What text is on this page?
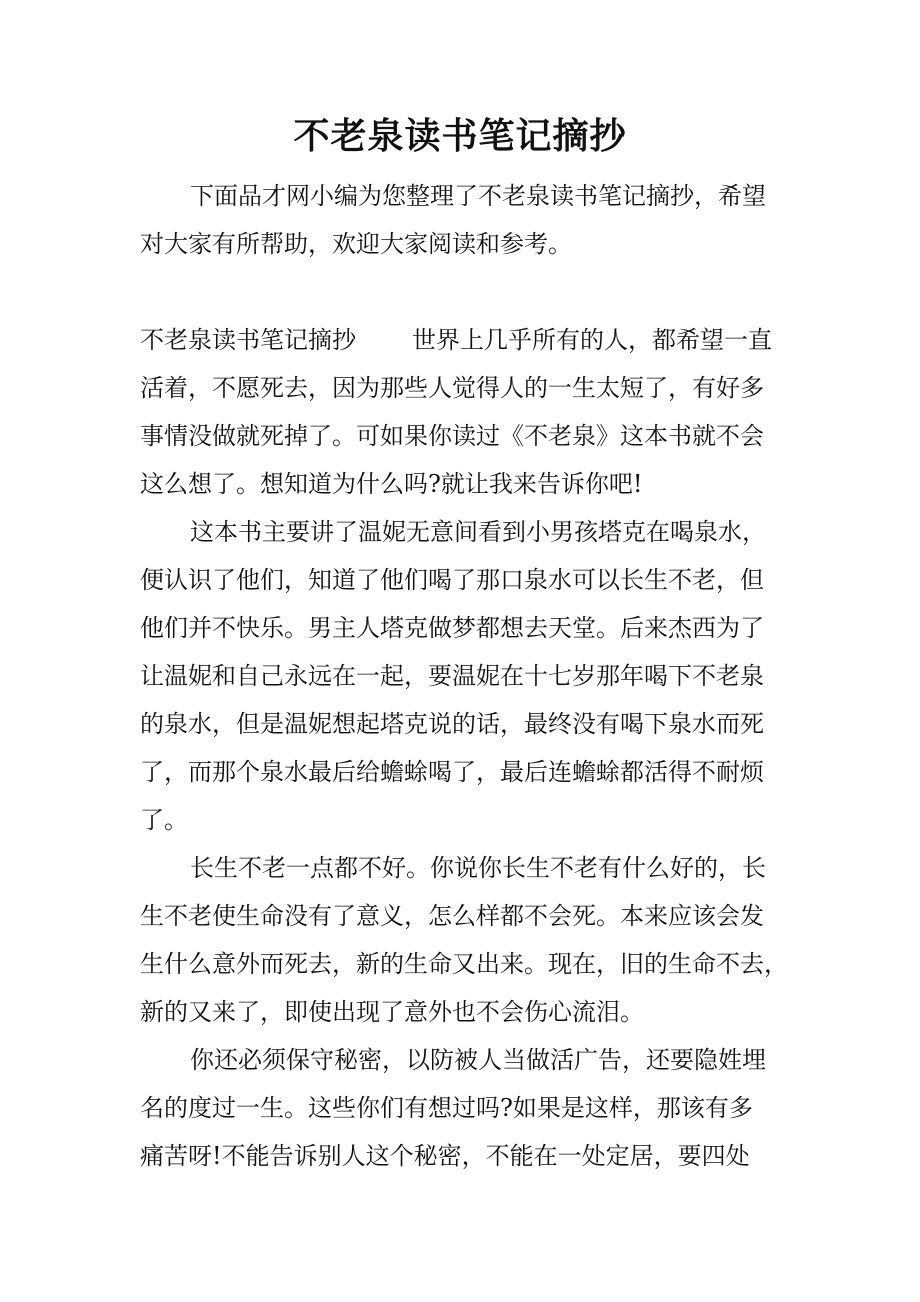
不老泉读书笔记摘抄
下面品才网小编为您整理了不老泉读书笔记摘抄，希望
对大家有所帮助，欢迎大家阅读和参考。
不老泉读书笔记摘抄 世界上几乎所有的人，都希望一直
活着，不愿死去，因为那些人觉得人的一生太短了，有好多
事情没做就死掉了。可如果你读过《不老泉》这本书就不会
这么想了。想知道为什么吗?就让我来告诉你吧!
这本书主要讲了温妮无意间看到小男孩塔克在喝泉水，
便认识了他们，知道了他们喝了那口泉水可以长生不老，但
他们并不快乐。男主人塔克做梦都想去天堂。后来杰西为了
让温妮和自己永远在一起，要温妮在十七岁那年喝下不老泉
的泉水，但是温妮想起塔克说的话，最终没有喝下泉水而死
了，而那个泉水最后给蟾蜍喝了，最后连蟾蜍都活得不耐烦
了。
长生不老一点都不好。你说你长生不老有什么好的，长
生不老使生命没有了意义，怎么样都不会死。本来应该会发
生什么意外而死去，新的生命又出来。现在，旧的生命不去，
新的又来了，即使出现了意外也不会伤心流泪。
你还必须保守秘密，以防被人当做活广告，还要隐姓埋
名的度过一生。这些你们有想过吗?如果是这样，那该有多
痛苦呀!不能告诉别人这个秘密，不能在一处定居，要四处
